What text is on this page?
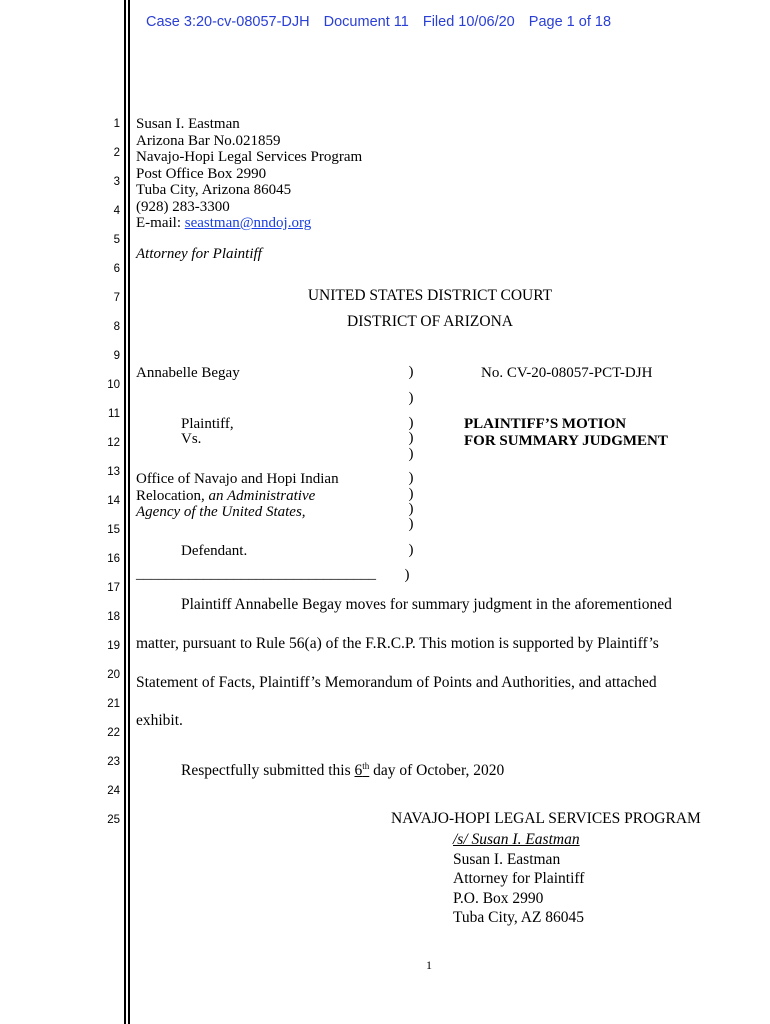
Case 3:20-cv-08057-DJH Document 11 Filed 10/06/20 Page 1 of 18
1
2
3
4
5
6
7
8
9
10
11
12
13
14
15
16
17
18
19
20
21
22
23
24
25
Susan I. Eastman
Arizona Bar No.021859
Navajo-Hopi Legal Services Program
Post Office Box 2990
Tuba City, Arizona 86045
(928) 283-3300
E-mail: seastman@nndoj.org
Attorney for Plaintiff
UNITED STATES DISTRICT COURT
DISTRICT OF ARIZONA
Annabelle Begay
Plaintiff,
Vs.
Office of Navajo and Hopi Indian
Relocation, an Administrative
Agency of the United States,
Defendant.
________________________________
)
)
)
)
)
)
)
)
)
)
)
No. CV-20-08057-PCT-DJH
PLAINTIFF’S MOTION
FOR SUMMARY JUDGMENT
Plaintiff Annabelle Begay moves for summary judgment in the aforementioned
matter, pursuant to Rule 56(a) of the F.R.C.P. This motion is supported by Plaintiff’s
Statement of Facts, Plaintiff’s Memorandum of Points and Authorities, and attached
exhibit.
Respectfully submitted this 6th day of October, 2020
NAVAJO-HOPI LEGAL SERVICES PROGRAM
/s/ Susan I. Eastman
Susan I. Eastman
Attorney for Plaintiff
P.O. Box 2990
Tuba City, AZ 86045
1
